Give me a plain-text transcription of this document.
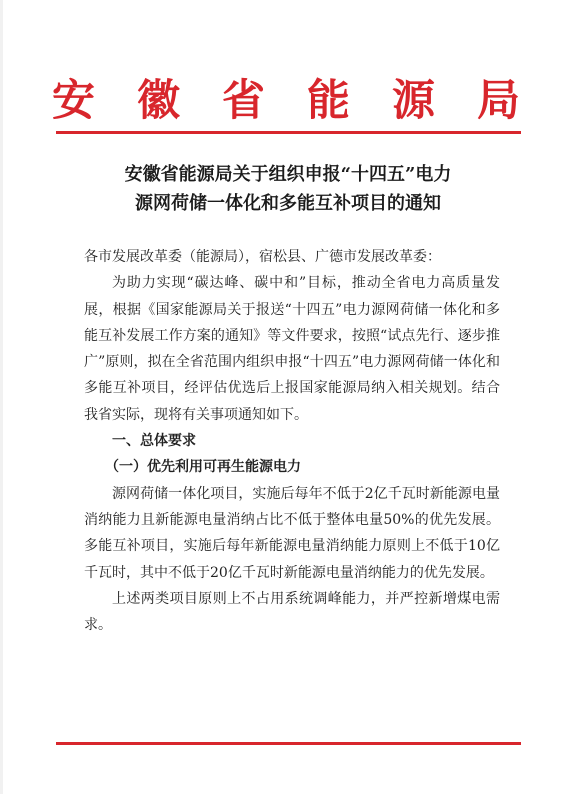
安徽省能源局
安徽省能源局关于组织申报“十四五”电力
源网荷储一体化和多能互补项目的通知

各市发展改革委（能源局），宿松县、广德市发展改革委：

为助力实现“碳达峰、碳中和”目标，推动全省电力高质量发展，根据《国家能源局关于报送“十四五”电力源网荷储一体化和多能互补发展工作方案的通知》等文件要求，按照“试点先行、逐步推广”原则，拟在全省范围内组织申报“十四五”电力源网荷储一体化和多能互补项目，经评估优选后上报国家能源局纳入相关规划。结合我省实际，现将有关事项通知如下。

一、总体要求

（一）优先利用可再生能源电力

源网荷储一体化项目，实施后每年不低于2亿千瓦时新能源电量消纳能力且新能源电量消纳占比不低于整体电量50%的优先发展。多能互补项目，实施后每年新能源电量消纳能力原则上不低于10亿千瓦时，其中不低于20亿千瓦时新能源电量消纳能力的优先发展。

上述两类项目原则上不占用系统调峰能力，并严控新增煤电需求。
